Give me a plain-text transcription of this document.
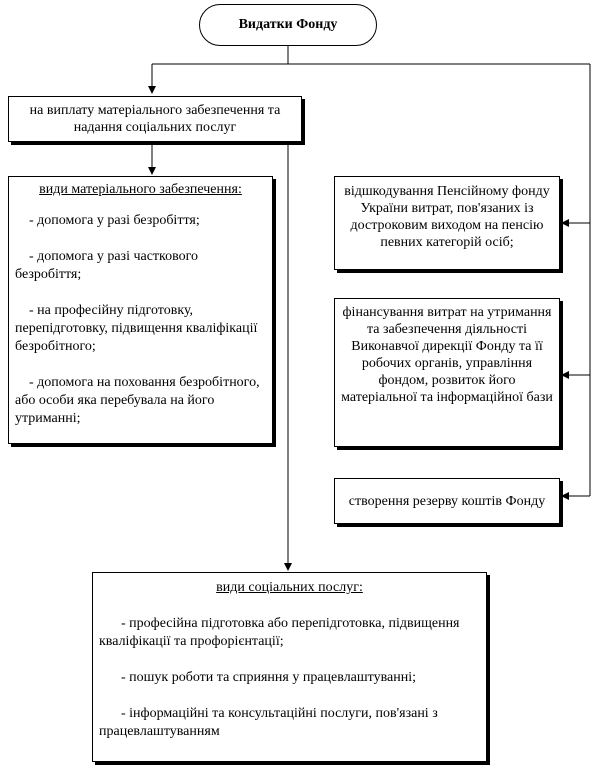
Видатки Фонду
на виплату матеріального забезпечення та надання соціальних послуг
види матеріального забезпечення:
- допомога у разі безробіття;
- допомога у разі часткового безробіття;
- на професійну підготовку, перепідготовку, підвищення кваліфікації безробітного;
- допомога на поховання безробітного, або особи яка перебувала на його утриманні;
відшкодування Пенсійному фонду України витрат, пов'язаних із достроковим виходом на пенсію певних категорій осіб;
фінансування витрат на утримання та забезпечення діяльності Виконавчої дирекції Фонду та її робочих органів, управління фондом, розвиток його матеріальної та інформаційної бази
створення резерву коштів Фонду
види соціальних послуг:
- професійна підготовка або перепідготовка, підвищення кваліфікації та профорієнтації;
- пошук роботи та сприяння у працевлаштуванні;
- інформаційні та консультаційні послуги, пов'язані з працевлаштуванням
